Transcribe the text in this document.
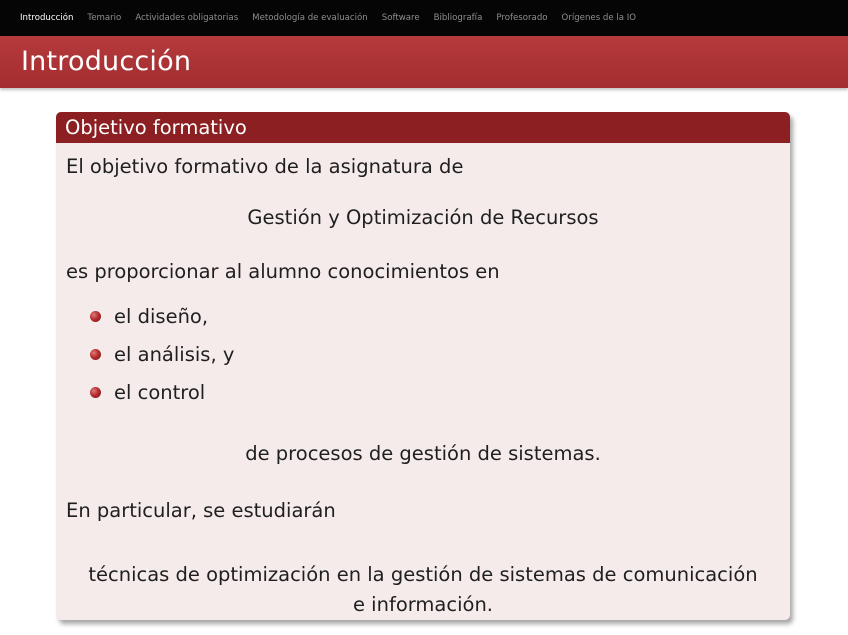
Introducción Temario Actividades obligatorias Metodología de evaluación Software Bibliografía Profesorado Orígenes de la IO
Introducción
Objetivo formativo
El objetivo formativo de la asignatura de
Gestión y Optimización de Recursos
es proporcionar al alumno conocimientos en
el diseño,
el análisis, y
el control
de procesos de gestión de sistemas.
En particular, se estudiarán
técnicas de optimización en la gestión de sistemas de comunicación
e información.
